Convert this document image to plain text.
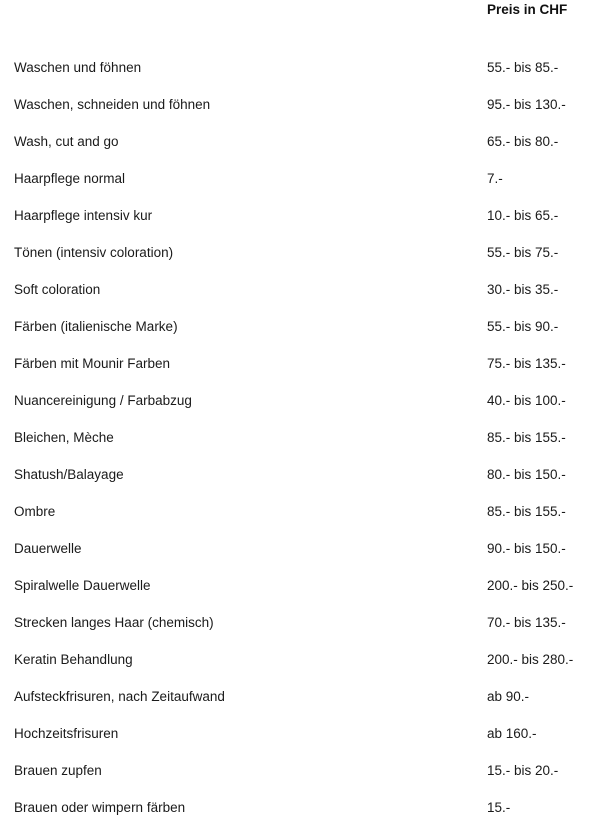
Preis in CHF
Waschen und föhnen	55.- bis 85.-
Waschen, schneiden und föhnen	95.- bis 130.-
Wash, cut and go	65.- bis 80.-
Haarpflege normal	7.-
Haarpflege intensiv kur	10.- bis 65.-
Tönen (intensiv coloration)	55.- bis 75.-
Soft coloration	30.- bis 35.-
Färben (italienische Marke)	55.- bis 90.-
Färben mit Mounir Farben	75.- bis 135.-
Nuancereinigung / Farbabzug	40.- bis 100.-
Bleichen, Mèche	85.- bis 155.-
Shatush/Balayage	80.- bis 150.-
Ombre	85.- bis 155.-
Dauerwelle	90.- bis 150.-
Spiralwelle Dauerwelle	200.- bis 250.-
Strecken langes Haar (chemisch)	70.- bis 135.-
Keratin Behandlung	200.- bis 280.-
Aufsteckfrisuren, nach Zeitaufwand	ab 90.-
Hochzeitsfrisuren	ab 160.-
Brauen zupfen	15.- bis 20.-
Brauen oder wimpern färben	15.-
